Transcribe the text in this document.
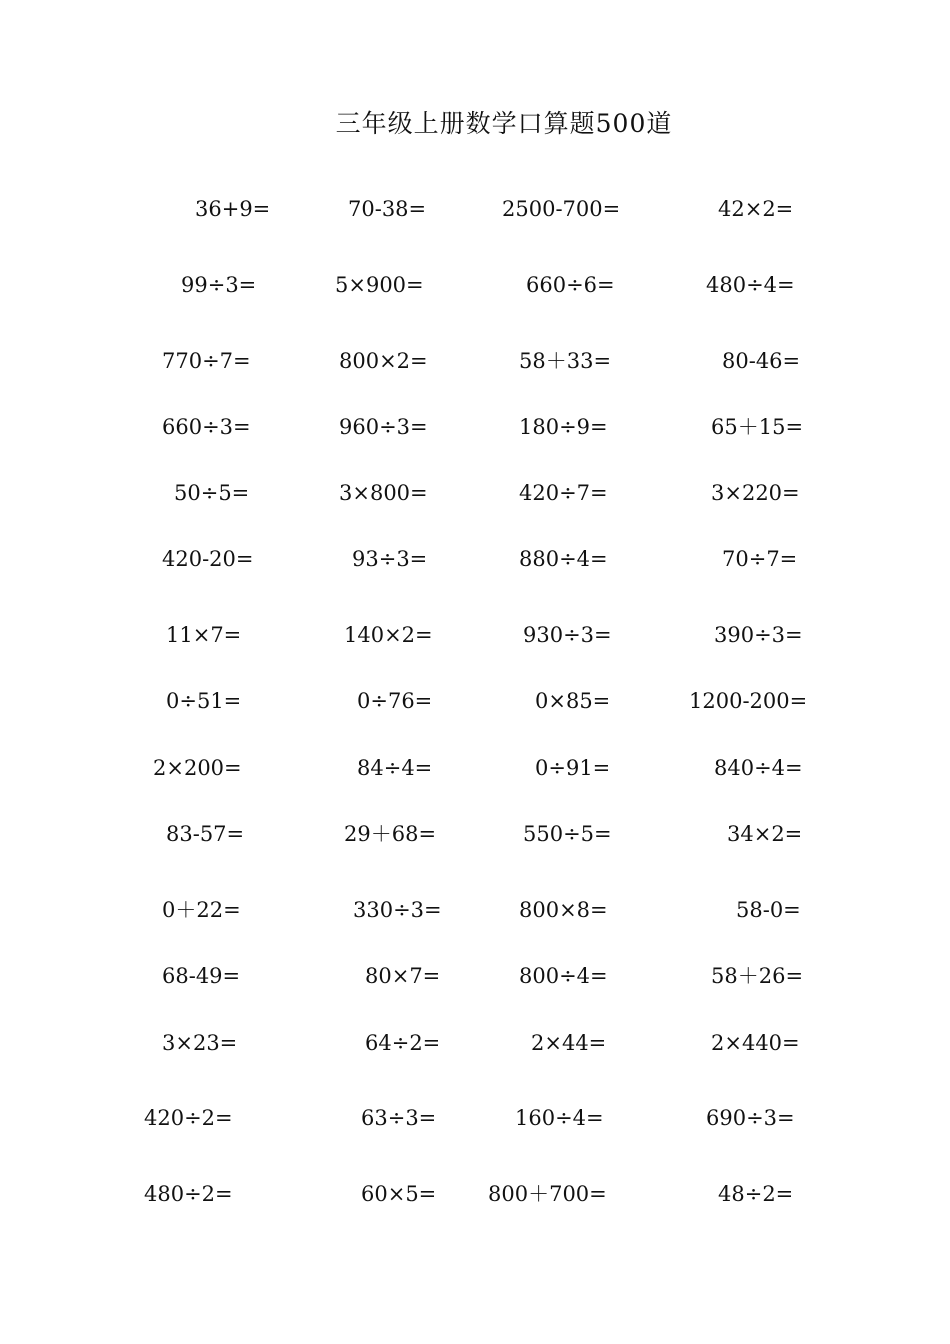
三年级上册数学口算题500道
36+9=	70-38=	2500-700=	42×2=
99÷3=	5×900=	660÷6=	480÷4=
770÷7=	800×2=	58＋33=	80-46=
660÷3=	960÷3=	180÷9=	65＋15=
50÷5=	3×800=	420÷7=	3×220=
420-20=	93÷3=	880÷4=	70÷7=
11×7=	140×2=	930÷3=	390÷3=
0÷51=	0÷76=	0×85=	1200-200=
2×200=	84÷4=	0÷91=	840÷4=
83-57=	29＋68=	550÷5=	34×2=
0＋22=	330÷3=	800×8=	58-0=
68-49=	80×7=	800÷4=	58＋26=
3×23=	64÷2=	2×44=	2×440=
420÷2=	63÷3=	160÷4=	690÷3=
480÷2=	60×5= 800＋700=	48÷2=
